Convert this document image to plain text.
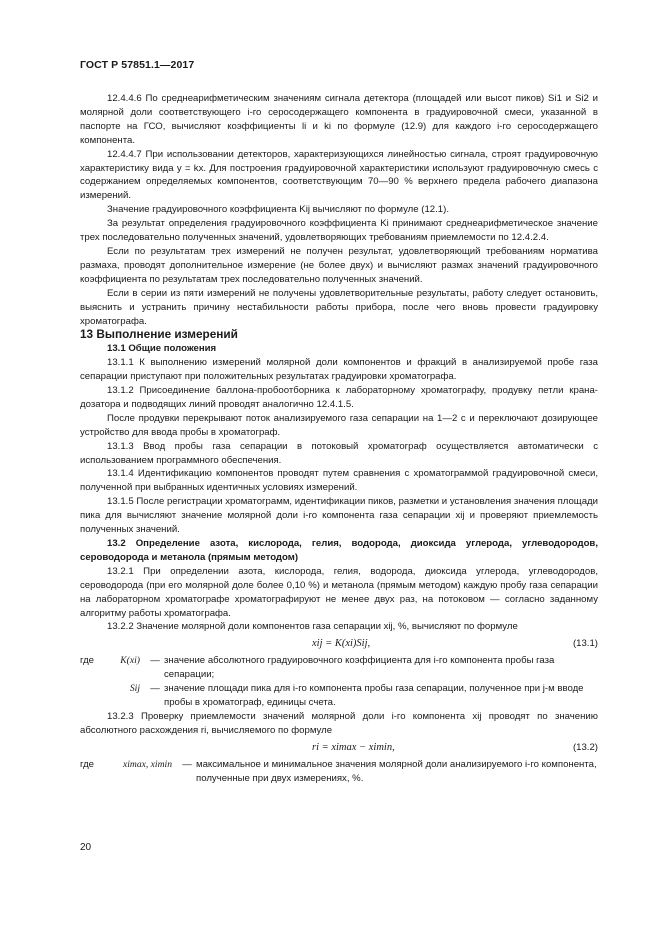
ГОСТ Р 57851.1—2017

12.4.4.6 По среднеарифметическим значениям сигнала детектора (площадей или высот пиков) Si1 и Si2 и молярной доли соответствующего i-го серосодержащего компонента в градуировочной смеси, указанной в паспорте на ГСО, вычисляют коэффициенты li и ki по формуле (12.9) для каждого i-го серосодержащего компонента.

12.4.4.7 При использовании детекторов, характеризующихся линейностью сигнала, строят градуировочную характеристику вида y = kx. Для построения градуировочной характеристики используют градуировочную смесь с содержанием определяемых компонентов, соответствующим 70—90 % верхнего предела рабочего диапазона измерений.

Значение градуировочного коэффициента Kij вычисляют по формуле (12.1).

За результат определения градуировочного коэффициента Ki принимают среднеарифметическое значение трех последовательно полученных значений, удовлетворяющих требованиям приемлемости по 12.4.2.4.

Если по результатам трех измерений не получен результат, удовлетворяющий требованиям норматива размаха, проводят дополнительное измерение (не более двух) и вычисляют размах значений градуировочного коэффициента по результатам трех последовательно полученных значений.

Если в серии из пяти измерений не получены удовлетворительные результаты, работу следует остановить, выяснить и устранить причину нестабильности работы прибора, после чего вновь провести градуировку хроматографа.

13 Выполнение измерений

13.1 Общие положения

13.1.1 К выполнению измерений молярной доли компонентов и фракций в анализируемой пробе газа сепарации приступают при положительных результатах градуировки хроматографа.

13.1.2 Присоединение баллона-пробоотборника к лабораторному хроматографу, продувку петли крана-дозатора и подводящих линий проводят аналогично 12.4.1.5.

После продувки перекрывают поток анализируемого газа сепарации на 1—2 с и переключают дозирующее устройство для ввода пробы в хроматограф.

13.1.3 Ввод пробы газа сепарации в потоковый хроматограф осуществляется автоматически с использованием программного обеспечения.

13.1.4 Идентификацию компонентов проводят путем сравнения с хроматограммой градуировочной смеси, полученной при выбранных идентичных условиях измерений.

13.1.5 После регистрации хроматограмм, идентификации пиков, разметки и установления значения площади пика для вычисляют значение молярной доли i-го компонента газа сепарации xij и проверяют приемлемость полученных значений.

13.2 Определение азота, кислорода, гелия, водорода, диоксида углерода, углеводородов, сероводорода и метанола (прямым методом)

13.2.1 При определении азота, кислорода, гелия, водорода, диоксида углерода, углеводородов, сероводорода (при его молярной доле более 0,10 %) и метанола (прямым методом) каждую пробу газа сепарации на лабораторном хроматографе хроматографируют не менее двух раз, на потоковом — согласно заданному алгоритму работы хроматографа.

13.2.2 Значение молярной доли компонентов газа сепарации xij, %, вычисляют по формуле

xij = K(xi)Sij,	(13.1)
где	K(xi)	— значение абсолютного градуировочного коэффициента для i-го компонента пробы газа сепарации;
Sij	— значение площади пика для i-го компонента пробы газа сепарации, полученное при j-м вводе пробы в хроматограф, единицы счета.

13.2.3 Проверку приемлемости значений молярной доли i-го компонента xij проводят по значению абсолютного расхождения ri, вычисляемого по формуле

ri = ximax − ximin,	(13.2)
где	ximax, ximin	— максимальное и минимальное значения молярной доли анализируемого i-го компонента, полученные при двух измерениях, %.
20
